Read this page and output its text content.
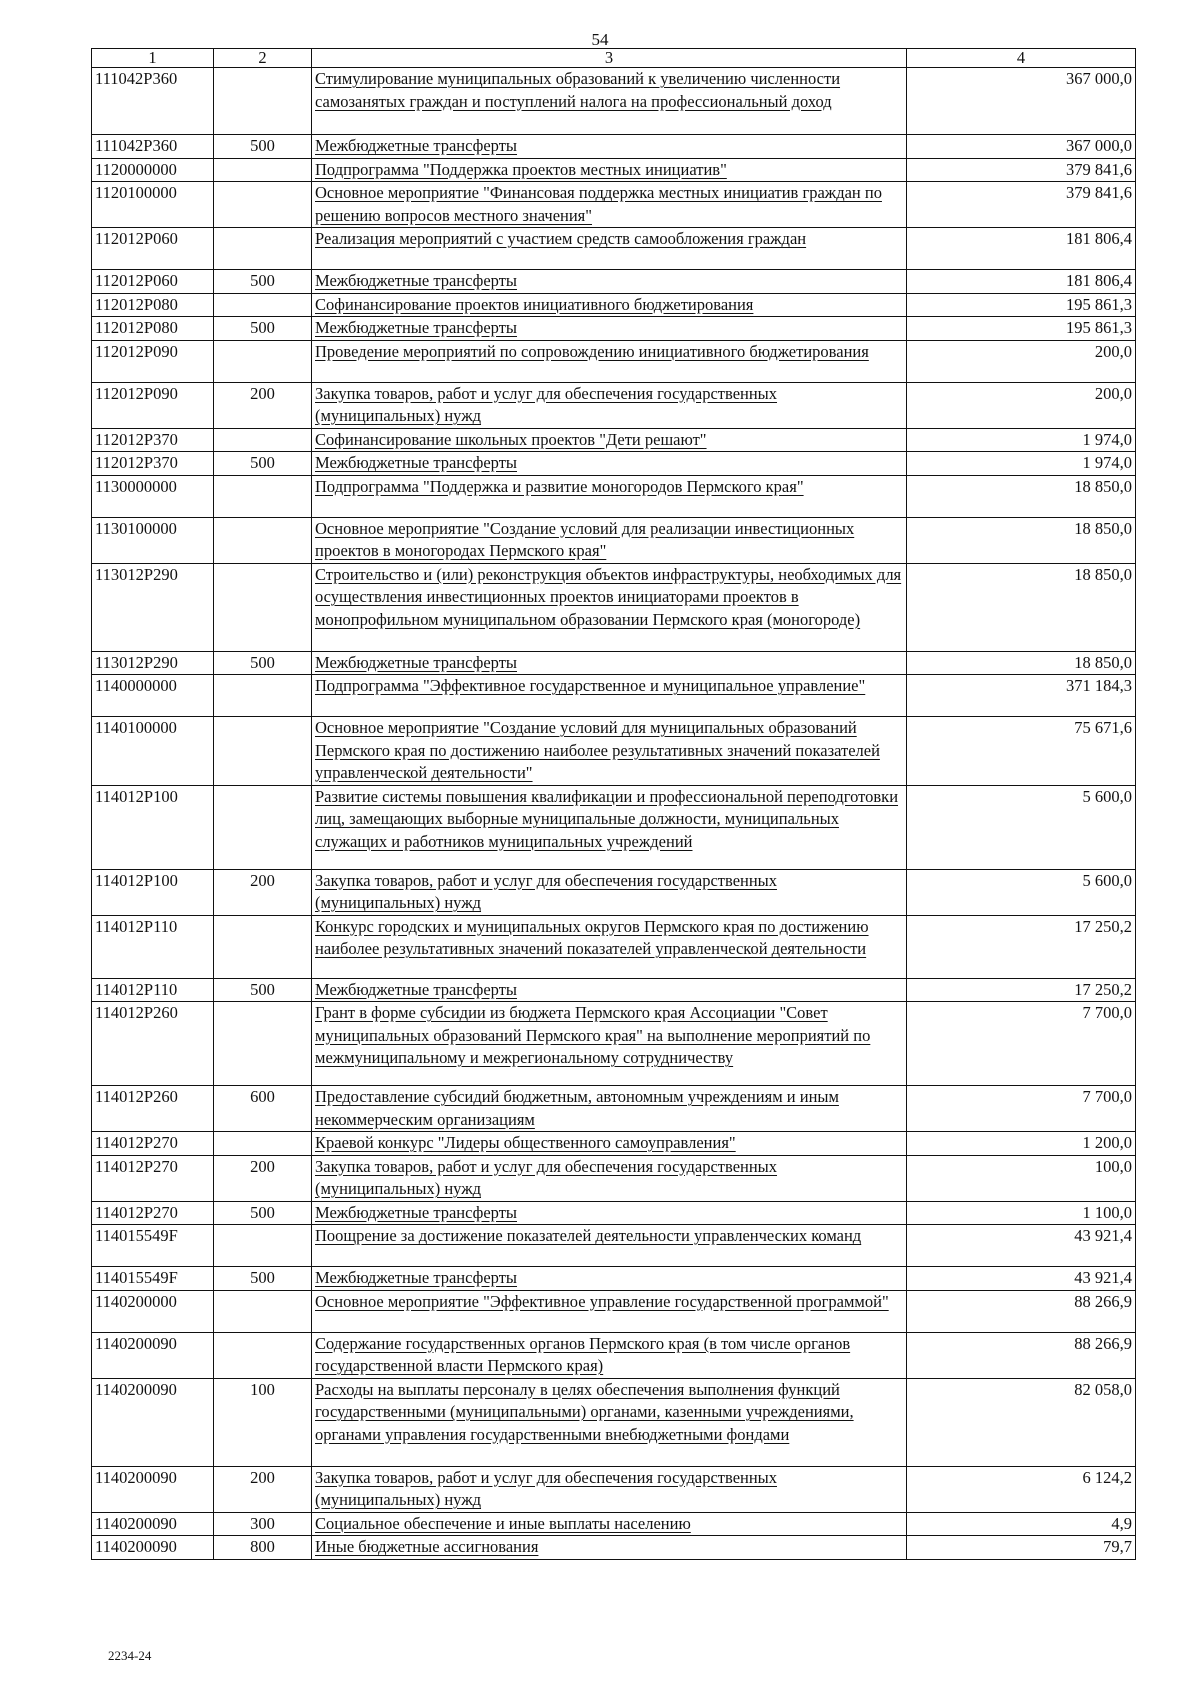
54
1	2	3	4
111042P360		Стимулирование муниципальных образований к увеличению численности самозанятых граждан и поступлений налога на профессиональный доход	367 000,0
111042P360	500	Межбюджетные трансферты	367 000,0
1120000000		Подпрограмма "Поддержка проектов местных инициатив"	379 841,6
1120100000		Основное мероприятие "Финансовая поддержка местных инициатив граждан по решению вопросов местного значения"	379 841,6
112012P060		Реализация мероприятий с участием средств самообложения граждан	181 806,4
112012P060	500	Межбюджетные трансферты	181 806,4
112012P080		Софинансирование проектов инициативного бюджетирования	195 861,3
112012P080	500	Межбюджетные трансферты	195 861,3
112012P090		Проведение мероприятий по сопровождению инициативного бюджетирования	200,0
112012P090	200	Закупка товаров, работ и услуг для обеспечения государственных (муниципальных) нужд	200,0
112012P370		Софинансирование школьных проектов "Дети решают"	1 974,0
112012P370	500	Межбюджетные трансферты	1 974,0
1130000000		Подпрограмма "Поддержка и развитие моногородов Пермского края"	18 850,0
1130100000		Основное мероприятие "Создание условий для реализации инвестиционных проектов в моногородах Пермского края"	18 850,0
113012P290		Строительство и (или) реконструкция объектов инфраструктуры, необходимых для осуществления инвестиционных проектов инициаторами проектов в монопрофильном муниципальном образовании Пермского края (моногороде)	18 850,0
113012P290	500	Межбюджетные трансферты	18 850,0
1140000000		Подпрограмма "Эффективное государственное и муниципальное управление"	371 184,3
1140100000		Основное мероприятие "Создание условий для муниципальных образований Пермского края по достижению наиболее результативных значений показателей управленческой деятельности"	75 671,6
114012P100		Развитие системы повышения квалификации и профессиональной переподготовки лиц, замещающих выборные муниципальные должности, муниципальных служащих и работников муниципальных учреждений	5 600,0
114012P100	200	Закупка товаров, работ и услуг для обеспечения государственных (муниципальных) нужд	5 600,0
114012P110		Конкурс городских и муниципальных округов Пермского края по достижению наиболее результативных значений показателей управленческой деятельности	17 250,2
114012P110	500	Межбюджетные трансферты	17 250,2
114012P260		Грант в форме субсидии из бюджета Пермского края Ассоциации "Совет муниципальных образований Пермского края" на выполнение мероприятий по межмуниципальному и межрегиональному сотрудничеству	7 700,0
114012P260	600	Предоставление субсидий бюджетным, автономным учреждениям и иным некоммерческим организациям	7 700,0
114012P270		Краевой конкурс "Лидеры общественного самоуправления"	1 200,0
114012P270	200	Закупка товаров, работ и услуг для обеспечения государственных (муниципальных) нужд	100,0
114012P270	500	Межбюджетные трансферты	1 100,0
114015549F		Поощрение за достижение показателей деятельности управленческих команд	43 921,4
114015549F	500	Межбюджетные трансферты	43 921,4
1140200000		Основное мероприятие "Эффективное управление государственной программой"	88 266,9
1140200090		Содержание государственных органов Пермского края (в том числе органов государственной власти Пермского края)	88 266,9
1140200090	100	Расходы на выплаты персоналу в целях обеспечения выполнения функций государственными (муниципальными) органами, казенными учреждениями, органами управления государственными внебюджетными фондами	82 058,0
1140200090	200	Закупка товаров, работ и услуг для обеспечения государственных (муниципальных) нужд	6 124,2
1140200090	300	Социальное обеспечение и иные выплаты населению	4,9
1140200090	800	Иные бюджетные ассигнования	79,7
2234-24
